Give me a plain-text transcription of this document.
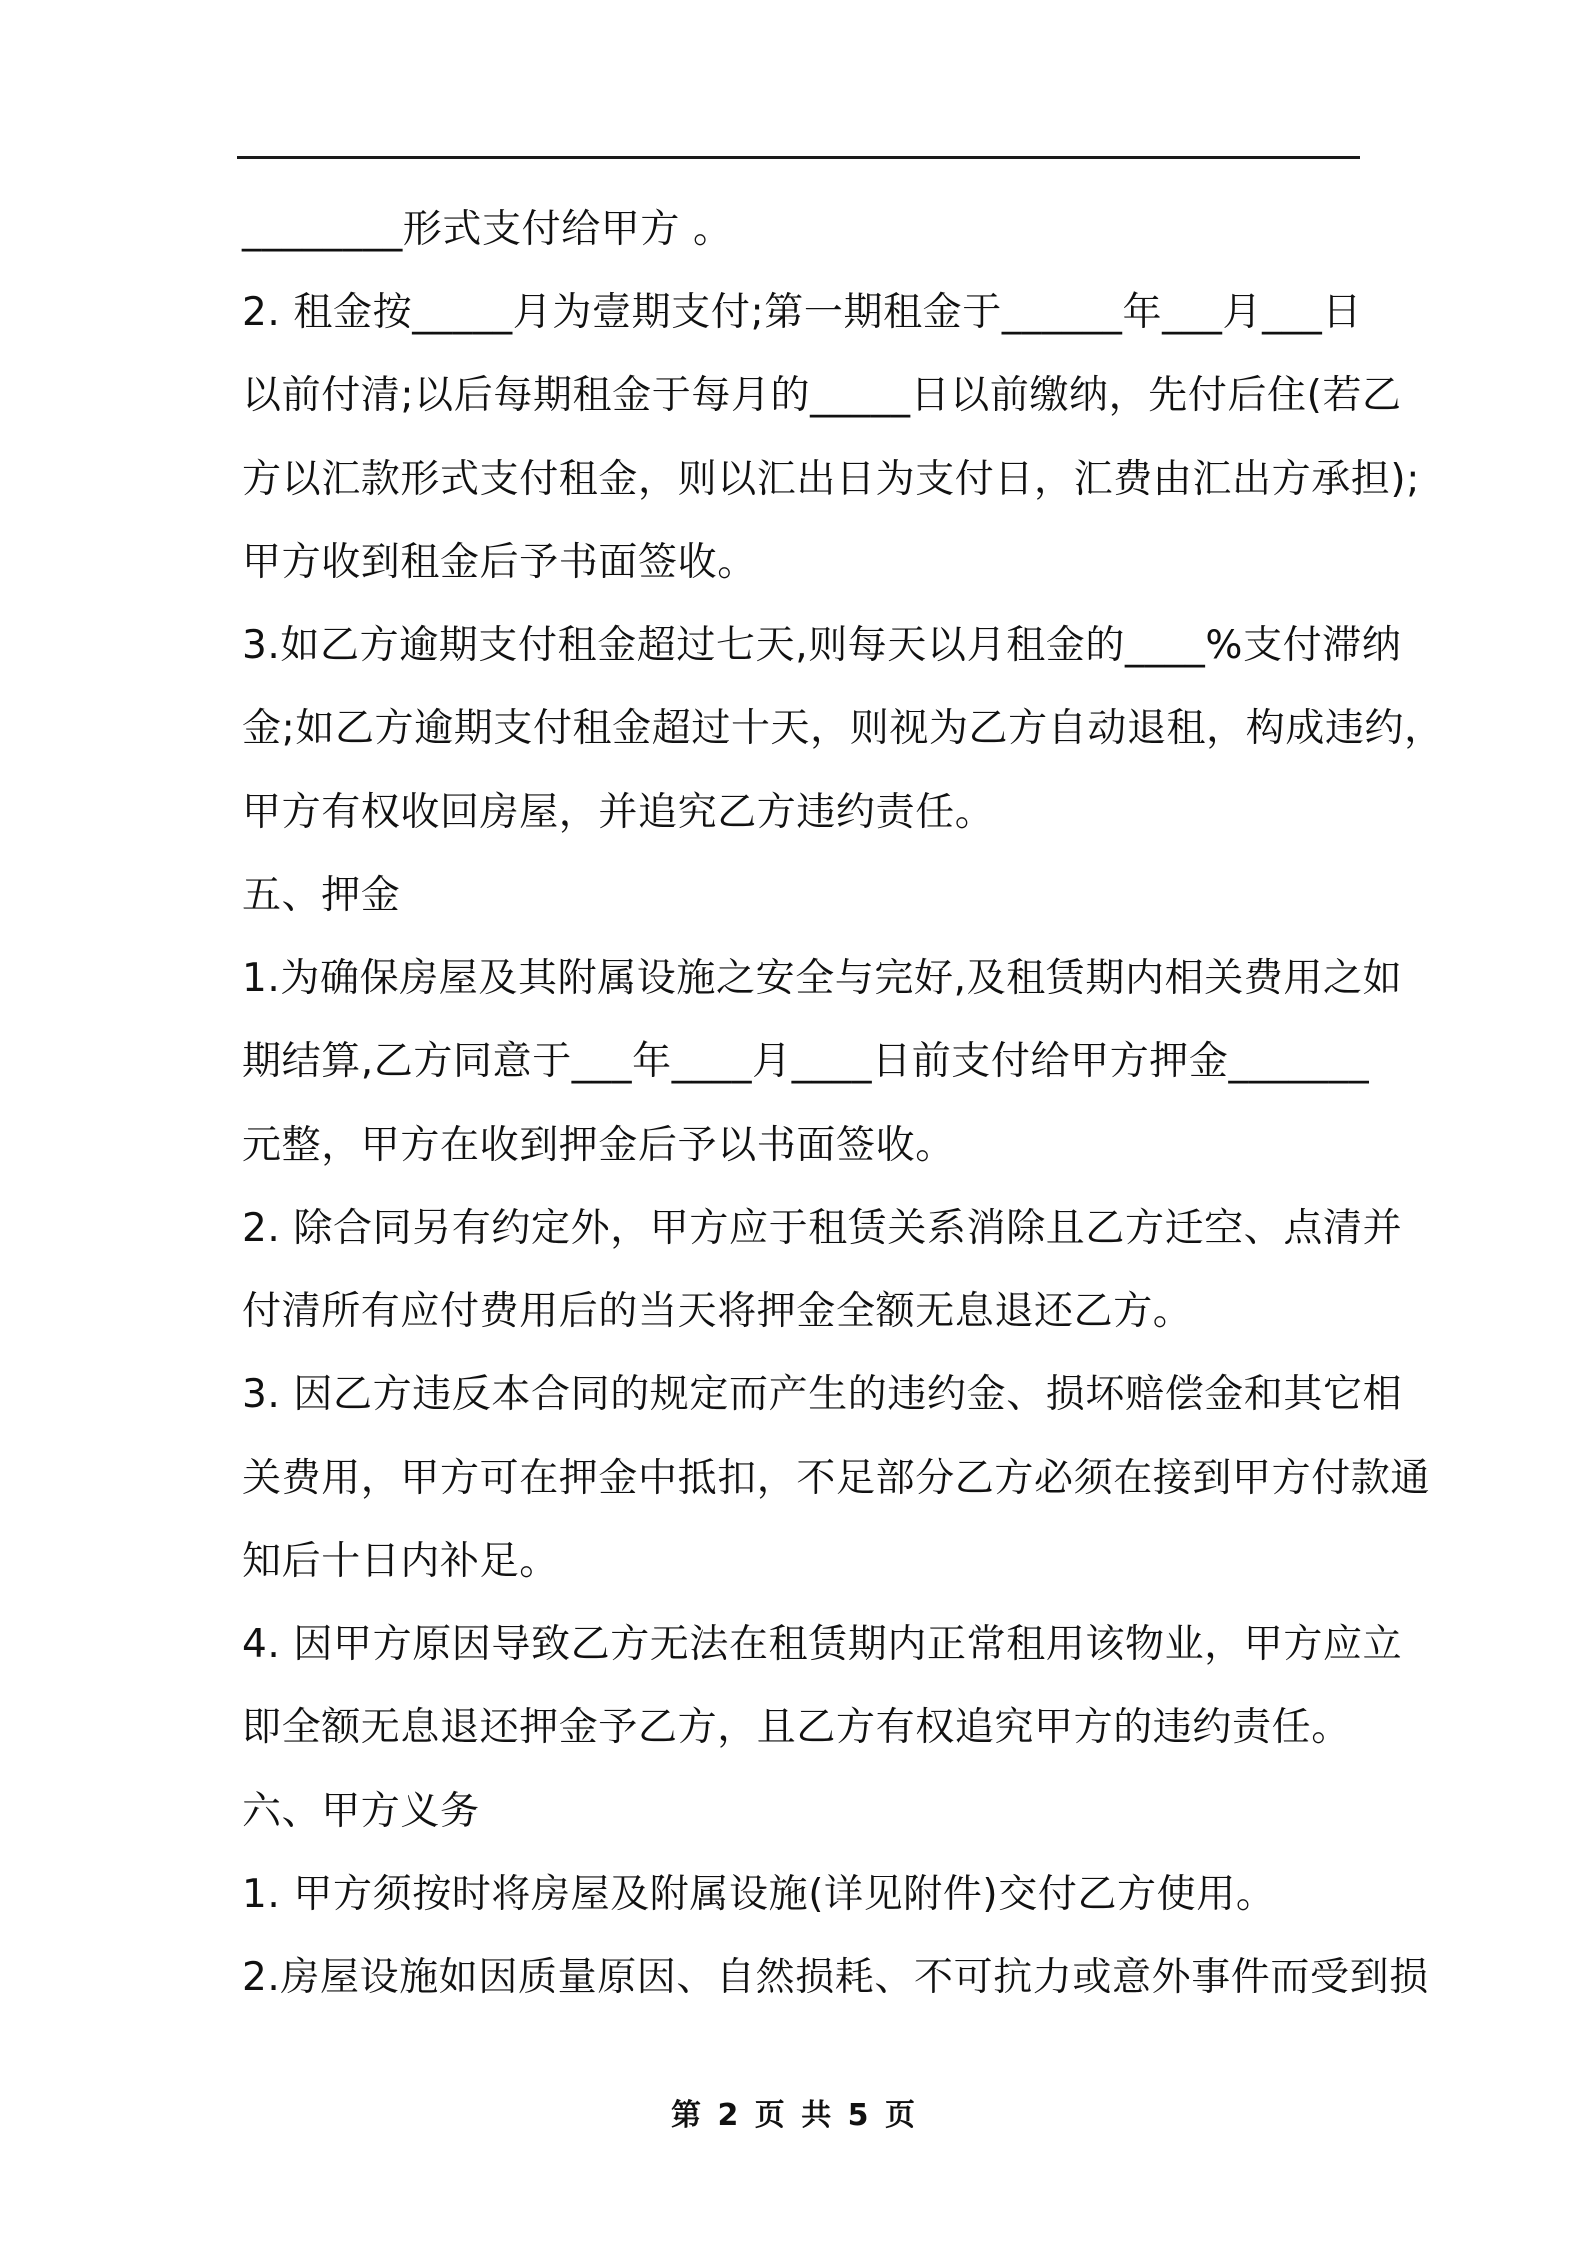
________形式支付给甲方 。
2. 租金按_____月为壹期支付;第一期租金于______年___月___日
以前付清;以后每期租金于每月的_____日以前缴纳，先付后住(若乙
方以汇款形式支付租金，则以汇出日为支付日，汇费由汇出方承担);
甲方收到租金后予书面签收。
3.如乙方逾期支付租金超过七天,则每天以月租金的____%支付滞纳
金;如乙方逾期支付租金超过十天，则视为乙方自动退租，构成违约，
甲方有权收回房屋，并追究乙方违约责任。
五、押金
1.为确保房屋及其附属设施之安全与完好,及租赁期内相关费用之如
期结算,乙方同意于___年____月____日前支付给甲方押金_______
元整，甲方在收到押金后予以书面签收。
2. 除合同另有约定外，甲方应于租赁关系消除且乙方迁空、点清并
付清所有应付费用后的当天将押金全额无息退还乙方。
3. 因乙方违反本合同的规定而产生的违约金、损坏赔偿金和其它相
关费用，甲方可在押金中抵扣，不足部分乙方必须在接到甲方付款通
知后十日内补足。
4. 因甲方原因导致乙方无法在租赁期内正常租用该物业，甲方应立
即全额无息退还押金予乙方，且乙方有权追究甲方的违约责任。
六、甲方义务
1. 甲方须按时将房屋及附属设施(详见附件)交付乙方使用。
2.房屋设施如因质量原因、自然损耗、不可抗力或意外事件而受到损
第 2 页 共 5 页
